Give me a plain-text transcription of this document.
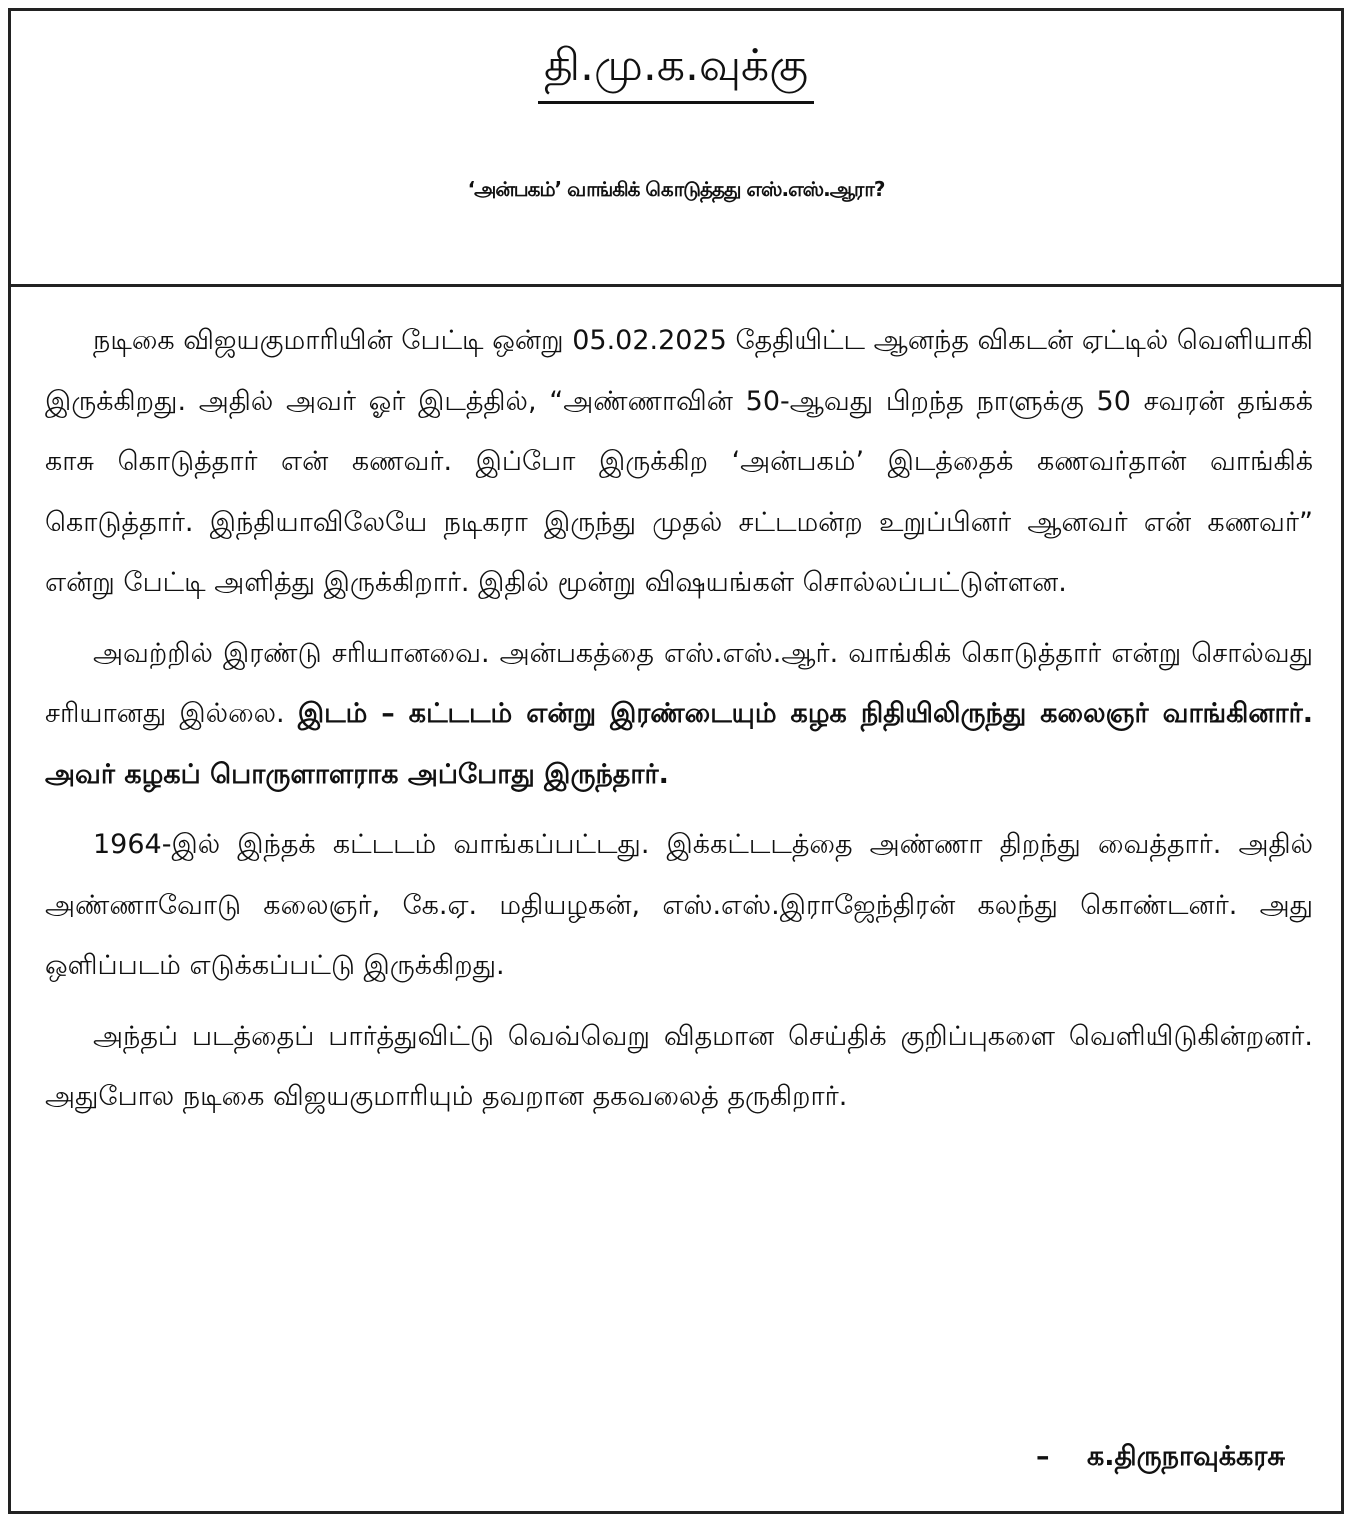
தி.மு.க.வுக்கு
‘அன்பகம்’ வாங்கிக் கொடுத்தது எஸ்.எஸ்.ஆரா?

நடிகை விஜயகுமாரியின் பேட்டி ஒன்று 05.02.2025 தேதியிட்ட ஆனந்த விகடன் ஏட்டில் வெளியாகி இருக்கிறது. அதில் அவர் ஓர் இடத்தில், “அண்ணாவின் 50-ஆவது பிறந்த நாளுக்கு 50 சவரன் தங்கக் காசு கொடுத்தார் என் கணவர். இப்போ இருக்கிற ‘அன்பகம்’ இடத்தைக் கணவர்தான் வாங்கிக் கொடுத்தார். இந்தியாவிலேயே நடிகரா இருந்து முதல் சட்டமன்ற உறுப்பினர் ஆனவர் என் கணவர்” என்று பேட்டி அளித்து இருக்கிறார். இதில் மூன்று விஷயங்கள் சொல்லப்பட்டுள்ளன.

அவற்றில் இரண்டு சரியானவை. அன்பகத்தை எஸ்.எஸ்.ஆர். வாங்கிக் கொடுத்தார் என்று சொல்வது சரியானது இல்லை. இடம் – கட்டடம் என்று இரண்டையும் கழக நிதியிலிருந்து கலைஞர் வாங்கினார். அவர் கழகப் பொருளாளராக அப்போது இருந்தார்.

1964-இல் இந்தக் கட்டடம் வாங்கப்பட்டது. இக்கட்டடத்தை அண்ணா திறந்து வைத்தார். அதில் அண்ணாவோடு கலைஞர், கே.ஏ. மதியழகன், எஸ்.எஸ்.இராஜேந்திரன் கலந்து கொண்டனர். அது ஒளிப்படம் எடுக்கப்பட்டு இருக்கிறது.

அந்தப் படத்தைப் பார்த்துவிட்டு வெவ்வெறு விதமான செய்திக் குறிப்புகளை வெளியிடுகின்றனர். அதுபோல நடிகை விஜயகுமாரியும் தவறான தகவலைத் தருகிறார்.

– க.திருநாவுக்கரசு
